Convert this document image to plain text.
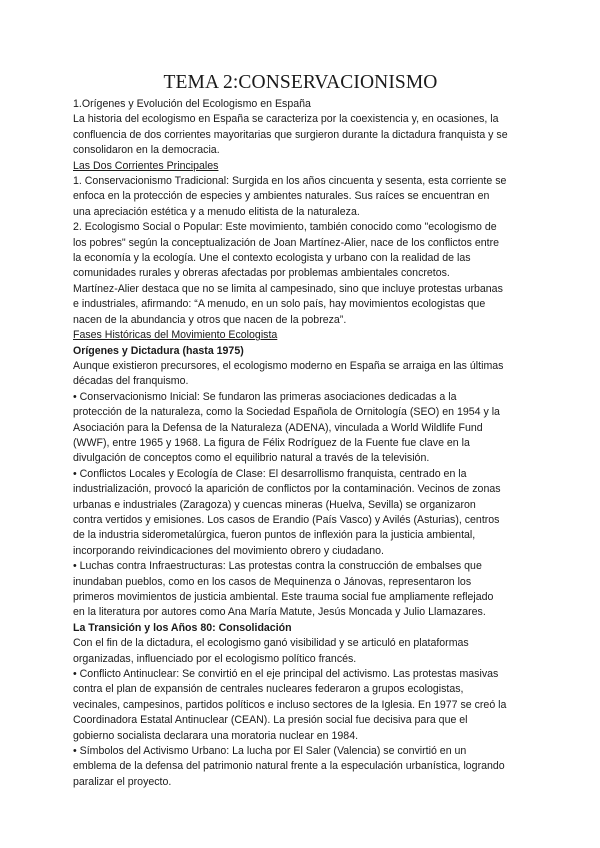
TEMA 2:CONSERVACIONISMO
1.Orígenes y Evolución del Ecologismo en España
La historia del ecologismo en España se caracteriza por la coexistencia y, en ocasiones, la
confluencia de dos corrientes mayoritarias que surgieron durante la dictadura franquista y se
consolidaron en la democracia.
Las Dos Corrientes Principales
1. Conservacionismo Tradicional: Surgida en los años cincuenta y sesenta, esta corriente se
enfoca en la protección de especies y ambientes naturales. Sus raíces se encuentran en
una apreciación estética y a menudo elitista de la naturaleza.
2. Ecologismo Social o Popular: Este movimiento, también conocido como "ecologismo de
los pobres" según la conceptualización de Joan Martínez-Alier, nace de los conflictos entre
la economía y la ecología. Une el contexto ecologista y urbano con la realidad de las
comunidades rurales y obreras afectadas por problemas ambientales concretos.
Martínez-Alier destaca que no se limita al campesinado, sino que incluye protestas urbanas
e industriales, afirmando: “A menudo, en un solo país, hay movimientos ecologistas que
nacen de la abundancia y otros que nacen de la pobreza”.
Fases Históricas del Movimiento Ecologista
Orígenes y Dictadura (hasta 1975)
Aunque existieron precursores, el ecologismo moderno en España se arraiga en las últimas
décadas del franquismo.
• Conservacionismo Inicial: Se fundaron las primeras asociaciones dedicadas a la
protección de la naturaleza, como la Sociedad Española de Ornitología (SEO) en 1954 y la
Asociación para la Defensa de la Naturaleza (ADENA), vinculada a World Wildlife Fund
(WWF), entre 1965 y 1968. La figura de Félix Rodríguez de la Fuente fue clave en la
divulgación de conceptos como el equilibrio natural a través de la televisión.
• Conflictos Locales y Ecología de Clase: El desarrollismo franquista, centrado en la
industrialización, provocó la aparición de conflictos por la contaminación. Vecinos de zonas
urbanas e industriales (Zaragoza) y cuencas mineras (Huelva, Sevilla) se organizaron
contra vertidos y emisiones. Los casos de Erandio (País Vasco) y Avilés (Asturias), centros
de la industria siderometalúrgica, fueron puntos de inflexión para la justicia ambiental,
incorporando reivindicaciones del movimiento obrero y ciudadano.
• Luchas contra Infraestructuras: Las protestas contra la construcción de embalses que
inundaban pueblos, como en los casos de Mequinenza o Jánovas, representaron los
primeros movimientos de justicia ambiental. Este trauma social fue ampliamente reflejado
en la literatura por autores como Ana María Matute, Jesús Moncada y Julio Llamazares.
La Transición y los Años 80: Consolidación
Con el fin de la dictadura, el ecologismo ganó visibilidad y se articuló en plataformas
organizadas, influenciado por el ecologismo político francés.
• Conflicto Antinuclear: Se convirtió en el eje principal del activismo. Las protestas masivas
contra el plan de expansión de centrales nucleares federaron a grupos ecologistas,
vecinales, campesinos, partidos políticos e incluso sectores de la Iglesia. En 1977 se creó la
Coordinadora Estatal Antinuclear (CEAN). La presión social fue decisiva para que el
gobierno socialista declarara una moratoria nuclear en 1984.
• Símbolos del Activismo Urbano: La lucha por El Saler (Valencia) se convirtió en un
emblema de la defensa del patrimonio natural frente a la especulación urbanística, logrando
paralizar el proyecto.
